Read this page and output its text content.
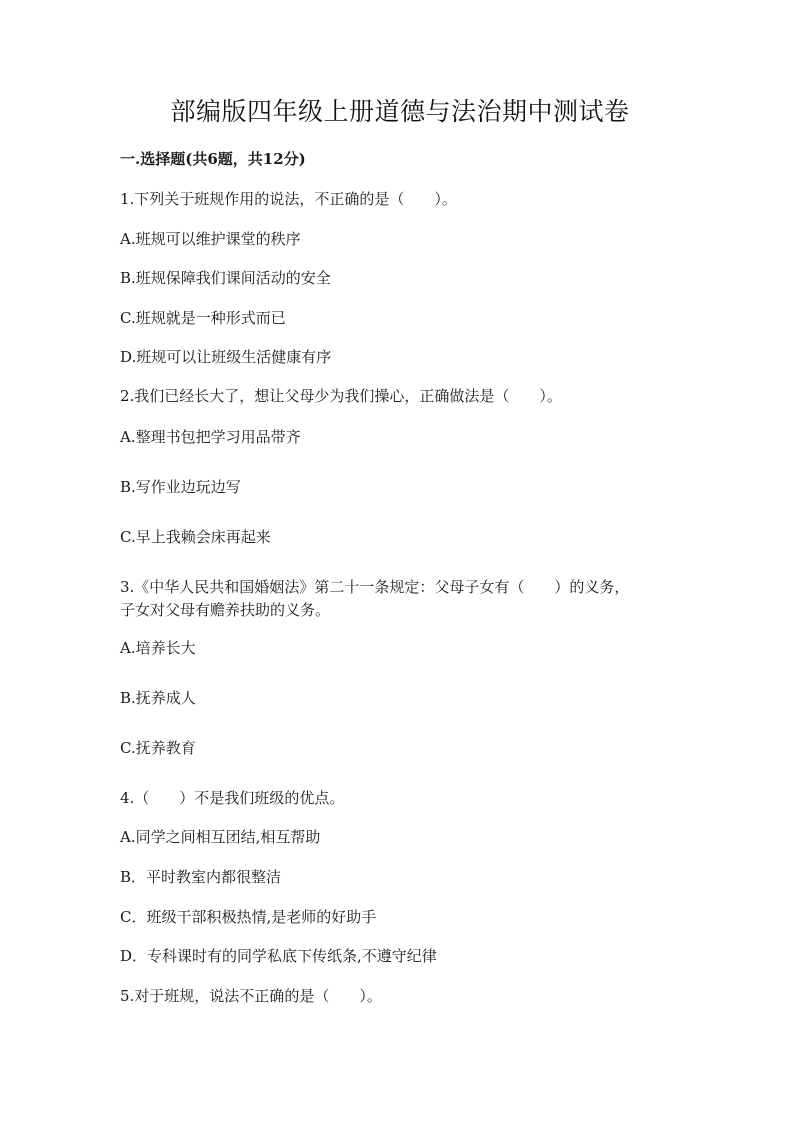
部编版四年级上册道德与法治期中测试卷
一.选择题(共6题，共12分)
1.下列关于班规作用的说法，不正确的是（　　）。
A.班规可以维护课堂的秩序
B.班规保障我们课间活动的安全
C.班规就是一种形式而已
D.班规可以让班级生活健康有序
2.我们已经长大了，想让父母少为我们操心，正确做法是（　　）。
A.整理书包把学习用品带齐
B.写作业边玩边写
C.早上我赖会床再起来
3.《中华人民共和国婚姻法》第二十一条规定：父母子女有（　　）的义务，
子女对父母有赡养扶助的义务。
A.培养长大
B.抚养成人
C.抚养教育
4.（　　）不是我们班级的优点。
A.同学之间相互团结,相互帮助
B．平时教室内都很整洁
C．班级干部积极热情,是老师的好助手
D．专科课时有的同学私底下传纸条,不遵守纪律
5.对于班规，说法不正确的是（　　）。
